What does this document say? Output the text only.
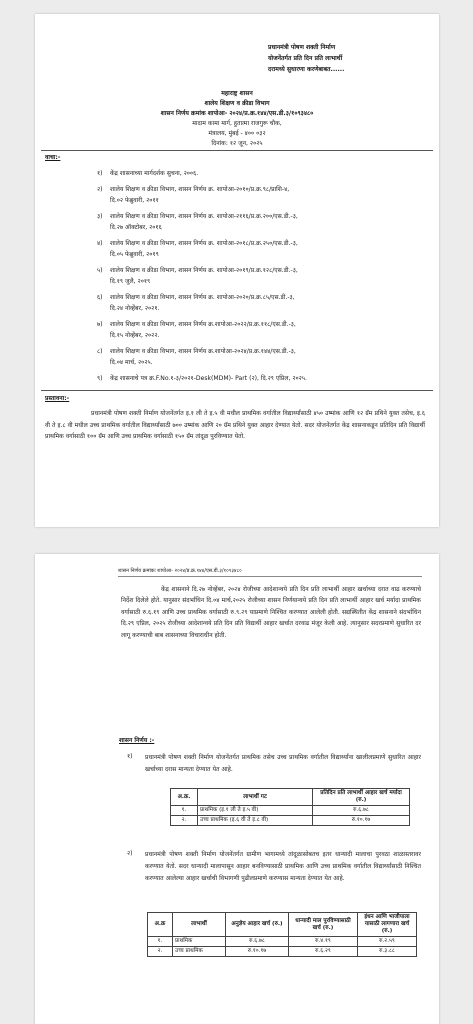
प्रधानमंत्री पोषण शक्ती निर्माण
योजनेंतर्गत प्रति दिन प्रति लाभार्थी
दरामध्ये सुधारणा करणेबाबत......
महाराष्ट्र शासन
शालेय शिक्षण व क्रीडा विभाग
शासन निर्णय क्रमांक शापोआ- २०२४/प्र.क्र.१४४/एस.डी.३/१०९३४८०
मादाम कामा मार्ग, हुतात्मा राजगुरू चौक,
मंत्रालय, मुंबई - ४०० ०३२
दिनांक: १२ जून, २०२५
वाचा:-
१) केंद्र शासनाच्या मार्गदर्शक सुचना, २००६.
२) शालेय शिक्षण व क्रीडा विभाग, शासन निर्णय क्र. शापोआ-२०१०/प्र.क्र.९८/प्राशि-४,
दि.०२ फेब्रुवारी, २०११
३) शालेय शिक्षण व क्रीडा विभाग, शासन निर्णय क्र. शापोआ-२११६/प्र.क्र.२००/एस.डी.-३,
दि.२७ ऑक्टोबर, २०१६
४) शालेय शिक्षण व क्रीडा विभाग, शासन निर्णय क्र. शापोआ-२०१८/प्र.क्र.२५०/एस.डी.-३,
दि.०५ फेब्रुवारी, २०१९
५) शालेय शिक्षण व क्रीडा विभाग, शासन निर्णय क्र. शापोआ-२०१९/प्र.क्र.१२८/एस.डी.-३,
दि.१९ जुलै, २०१९
६) शालेय शिक्षण व क्रीडा विभाग, शासन निर्णय क्र. शापोआ-२०२०/प्र.क्र.८५/एस.डी.-३,
दि.२४ नोव्हेंबर, २०२१.
७) शालेय शिक्षण व क्रीडा विभाग, शासन निर्णय क्र.शापोआ-२०२२/प्र.क्र.११८/एस.डी.-३,
दि.१५ नोव्हेंबर, २०२२.
८) शालेय शिक्षण व क्रीडा विभाग, शासन निर्णय क्र.शापोआ-२०२४/प्र.क्र.१४४/एस.डी.-३,
दि.०४ मार्च, २०२५.
९) केंद्र शासनाचे पत्र क्र.F.No.१-३/२०२१-Desk(MDM)- Part (२), दि.२९ एप्रिल, २०२५.
प्रस्तावना:-
प्रधानमंत्री पोषण शक्ती निर्माण योजनेंतर्गत इ.१ ली ते इ.५ वी मधील प्राथमिक वर्गातील विद्यार्थ्यांसाठी ४५० उष्मांक आणि १२ ग्रॅम प्रथिने युक्त तसेच, इ.६ वी ते इ.८ वी मधील उच्च प्राथमिक वर्गातील विद्यार्थ्यांसाठी ७०० उष्मांक आणि २० ग्रॅम प्रथिने युक्त आहार देण्यात येतो. सदर योजनेंतर्गत केंद्र शासनाकडून प्रतिदिन प्रति विद्यार्थी प्राथमिक वर्गासाठी १०० ग्रॅम आणि उच्च प्राथमिक वर्गासाठी १५० ग्रॅम तांदूळ पुरविण्यात येतो.
शासन निर्णय क्रमांकः शापोआ- २०२४/प्र.क्र.१४४/एस.डी.३/१०९३४८०
केंद्र शासनाने दि.२७ नोव्हेंबर, २०२४ रोजीच्या आदेशान्वये प्रति दिन प्रति लाभार्थी आहार खर्चाच्या दरात वाढ करण्याचे निर्देश दिलेले होते. यानुसार संदर्भाधिन दि.०४ मार्च,२०२५ रोजीच्या शासन निर्णयान्वये प्रति दिन प्रति लाभार्थी आहार खर्च मर्यादा प्राथमिक वर्गासाठी रु.६.१९ आणि उच्च प्राथमिक वर्गासाठी रु.९.२९ याप्रमाणे निश्चित करण्यात आलेली होती. सद्यस्थितीत केंद्र शासनाने संदर्भाधिन दि.२९ एप्रिल, २०२५ रोजीच्या आदेशान्वये प्रति दिन प्रति विद्यार्थी आहार खर्चात दरवाढ मंजूर केली आहे. त्यानुसार सदरप्रमाणे सुधारित दर लागू करण्याची बाब शासनाच्या विचाराधीन होती.
शासन निर्णय :-
१) प्रधानमंत्री पोषण शक्ती निर्माण योजनेंतर्गत प्राथमिक तसेच उच्च प्राथमिक वर्गातील विद्यार्थ्यांना खालीलप्रमाणे सुधारित आहार खर्चाच्या दरास मान्यता देण्यात येत आहे.
अ.क्र.	लाभार्थी गट	प्रतिदिन प्रति लाभार्थी आहार खर्च मर्यादा (रु.)
१.	प्राथमिक (इ.१ ली ते इ.५ वी)	रु.६.७८
२.	उच्च प्राथमिक (इ.६ वी ते इ.८ वी)	रु.१०.१७
२) प्रधानमंत्री पोषण शक्ती निर्माण योजनेंतर्गत ग्रामीण भागामध्ये तांदूळासोबतच इतर धान्यादी मालाचा पुरवठा शाळास्तरावर करण्यात येतो. सदर धान्यादी मालापासून आहार बनविण्यासाठी प्राथमिक आणि उच्च प्राथमिक वर्गातील विद्यार्थ्यांसाठी निश्चित करण्यात आलेल्या आहार खर्चाची विभागणी पुढीलप्रमाणे करण्यास मान्यता देण्यात येत आहे.
अ.क्र	लाभार्थी	अनुज्ञेय आहार खर्च (रु.)	धान्यादी माल पुरविण्यासाठी खर्च (रु.)	इंधन आणि भाजीपाला यासाठी लागणारा खर्च (रु.)
१.	प्राथमिक	रु.६.७८	रु.४.१९	रु.२.५९
२.	उच्च प्राथमिक	रु.१०.१७	रु.६.२९	रु.३.८८
